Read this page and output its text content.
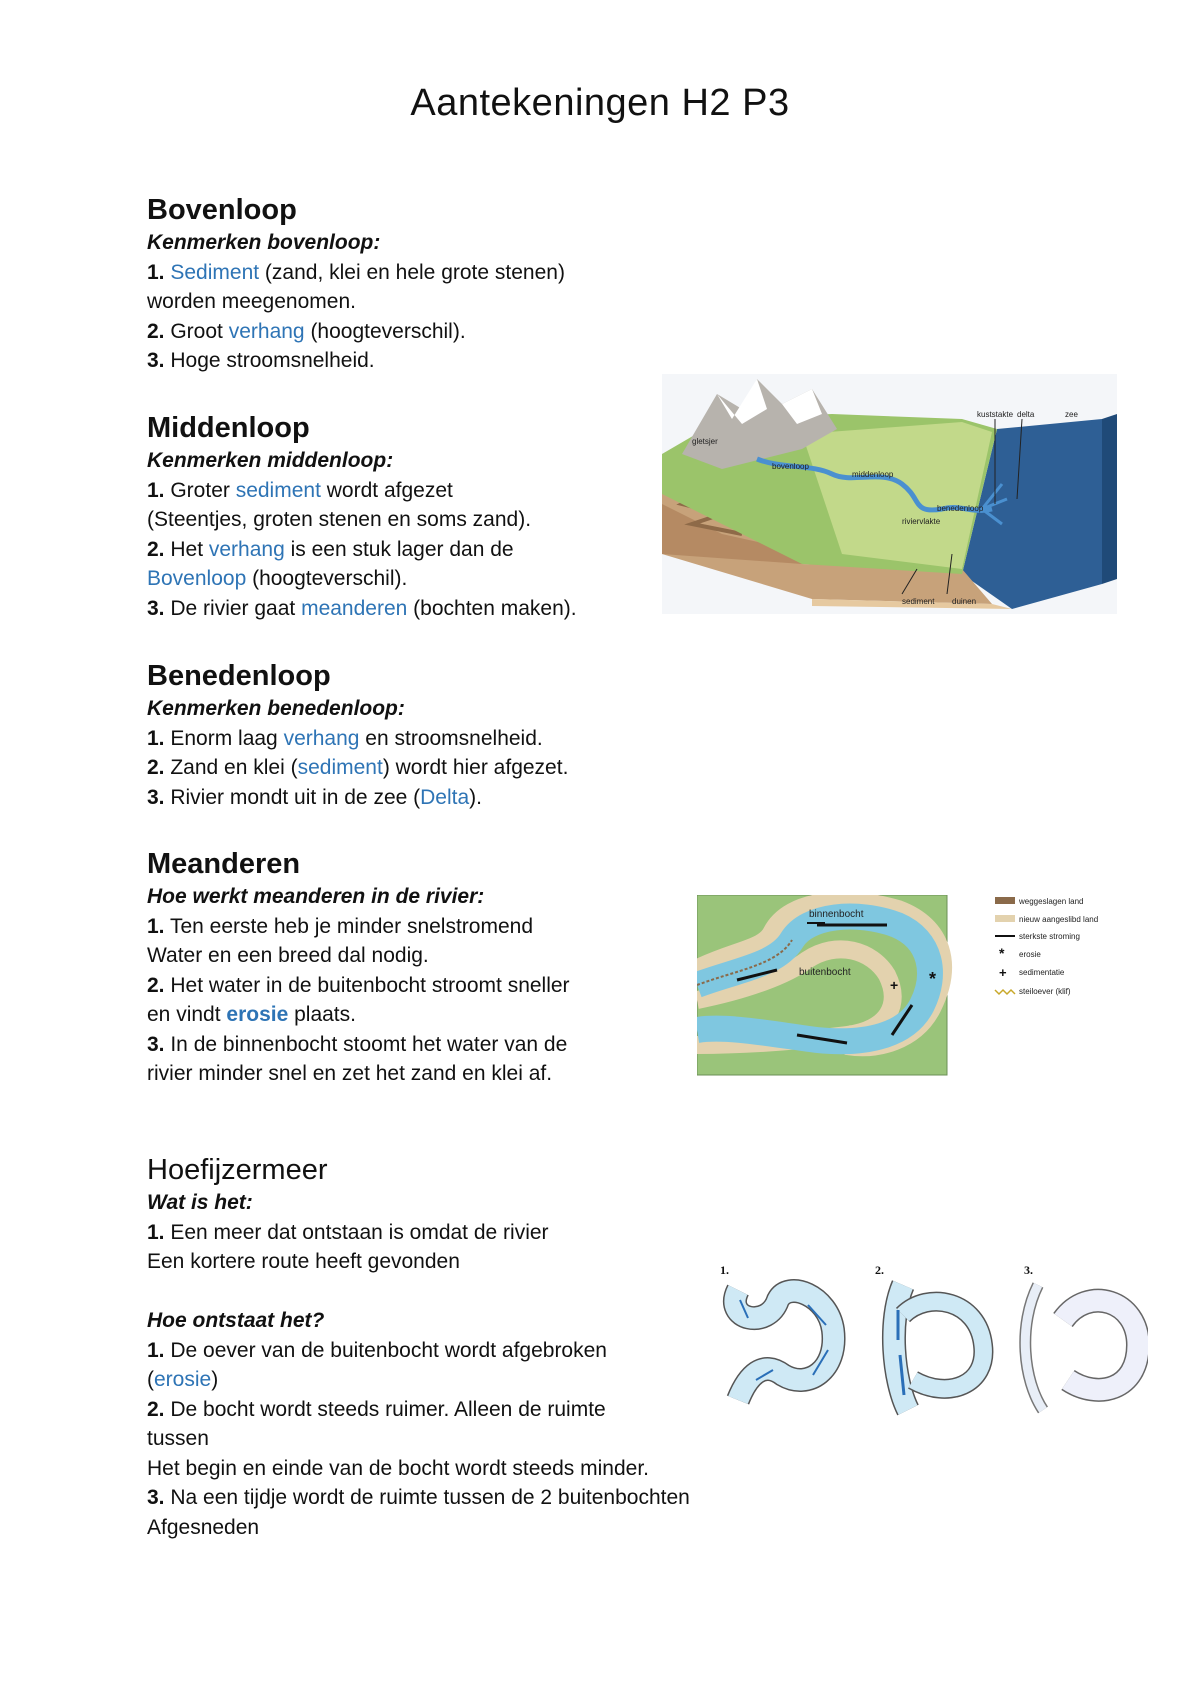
Aantekeningen H2 P3
Bovenloop
Kenmerken bovenloop:
1. Sediment (zand, klei en hele grote stenen)
worden meegenomen.
2. Groot verhang (hoogteverschil).
3. Hoge stroomsnelheid.
Middenloop
Kenmerken middenloop:
1. Groter sediment wordt afgezet
(Steentjes, groten stenen en soms zand).
2. Het verhang is een stuk lager dan de
Bovenloop (hoogteverschil).
3. De rivier gaat meanderen (bochten maken).
Benedenloop
Kenmerken benedenloop:
1. Enorm laag verhang en stroomsnelheid.
2. Zand en klei (sediment) wordt hier afgezet.
3. Rivier mondt uit in de zee (Delta).
Meanderen
Hoe werkt meanderen in de rivier:
1. Ten eerste heb je minder snelstromend
Water en een breed dal nodig.
2. Het water in de buitenbocht stroomt sneller
en vindt erosie plaats.
3. In de binnenbocht stoomt het water van de
rivier minder snel en zet het zand en klei af.
Hoefijzermeer
Wat is het:
1. Een meer dat ontstaan is omdat de rivier
Een kortere route heeft gevonden
Hoe ontstaat het?
1. De oever van de buitenbocht wordt afgebroken
(erosie)
2. De bocht wordt steeds ruimer. Alleen de ruimte
tussen
Het begin en einde van de bocht wordt steeds minder.
3. Na een tijdje wordt de ruimte tussen de 2 buitenbochten
Afgesneden
gletsjer
bovenloop
middenloop
kuststakte delta	zee
benedenloop
riviervlakte
sediment duinen
binnenbocht
buitenbocht
+ *
*
+
weggeslagen land
nieuw aangeslibd land
sterkste stroming
erosie
sedimentatie
steiloever (klif)
1.	2.	3.
